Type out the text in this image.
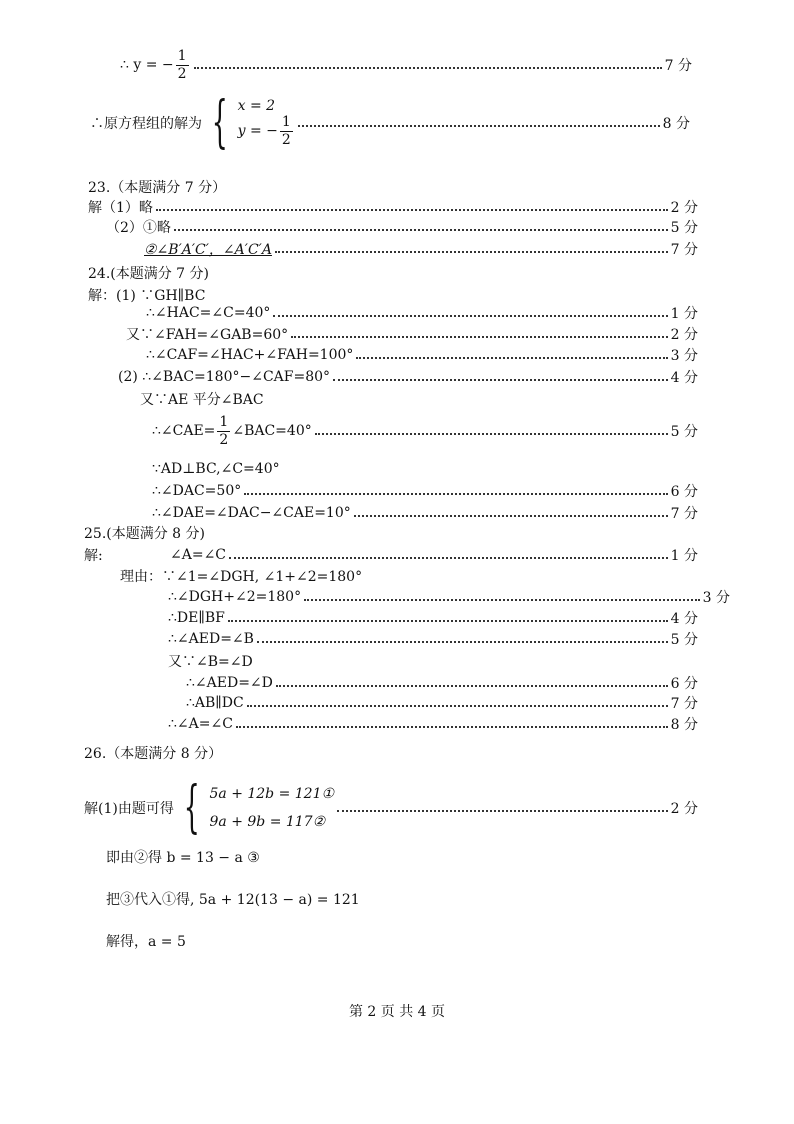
∴ y = − $\frac{1}{2}$	7 分
∴原方程组的解为 { x = 2
y = − $\frac{1}{2}$	8 分
23.（本题满分 7 分）
解（1）略	2 分
（2）①略	5 分
②∠B′A′C′，∠A′C′A	7 分
24.(本题满分 7 分)
解：(1) ∵GH∥BC
∴∠HAC=∠C=40°	1 分
又∵∠FAH=∠GAB=60°	2 分
∴∠CAF=∠HAC+∠FAH=100°	3 分
(2) ∴∠BAC=180°−∠CAF=80°	4 分
又∵AE 平分∠BAC
∴∠CAE= $\frac{1}{2}$ ∠BAC=40°	5 分
∵AD⊥BC,∠C=40°
∴∠DAC=50°	6 分
∴∠DAE=∠DAC−∠CAE=10°	7 分
25.(本题满分 8 分)
解:	∠A=∠C	1 分
理由：∵∠1=∠DGH, ∠1+∠2=180°
∴∠DGH+∠2=180°	3 分
∴DE∥BF	4 分
∴∠AED=∠B	5 分
又∵∠B=∠D
∴∠AED=∠D	6 分
∴AB∥DC	7 分
∴∠A=∠C	8 分
26.（本题满分 8 分）
解(1)由题可得 { 5a + 12b = 121①
9a + 9b = 117②
2 分
即由②得 b = 13 − a ③
把③代入①得, 5a + 12(13 − a) = 121
解得，a = 5
第 2 页 共 4 页
